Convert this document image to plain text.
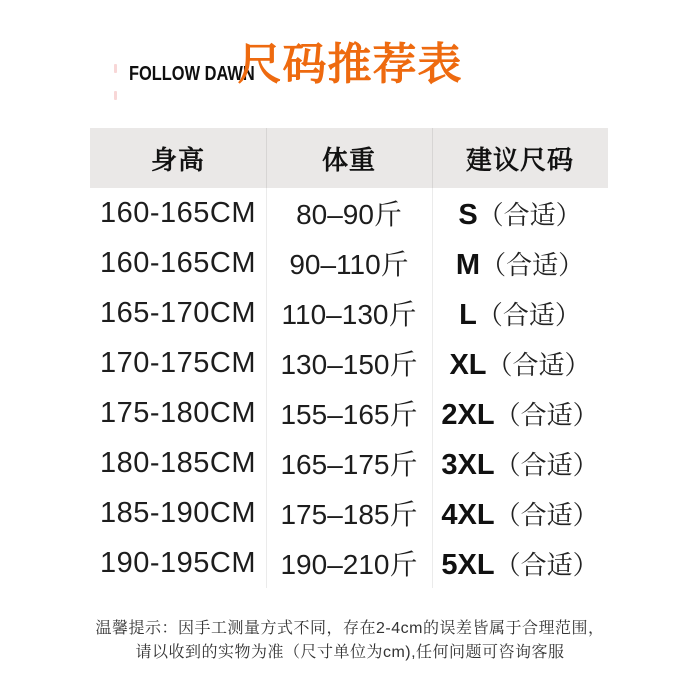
FOLLOW DAWN
尺码推荐表
身高	体重	建议尺码
160-165CM	80–90斤	S（合适）
160-165CM	90–110斤	M（合适）
165-170CM 110–130斤	L（合适）
170-175CM 130–150斤	XL（合适）
175-180CM 155–165斤 2XL（合适）
180-185CM 165–175斤 3XL（合适）
185-190CM 175–185斤 4XL（合适）
190-195CM 190–210斤 5XL（合适）
温馨提示：因手工测量方式不同，存在2-4cm的误差皆属于合理范围，
请以收到的实物为准（尺寸单位为cm),任何问题可咨询客服
